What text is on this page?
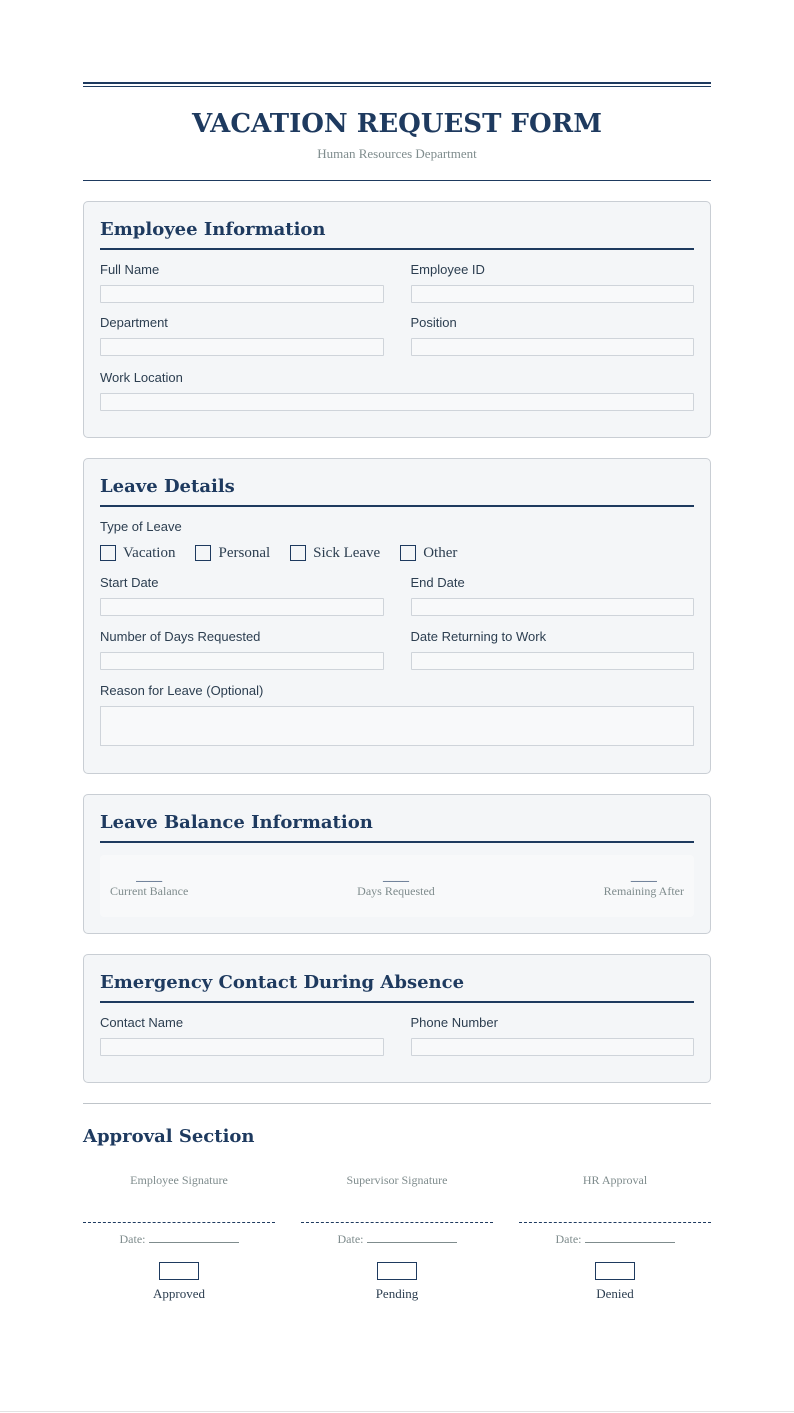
VACATION REQUEST FORM
Human Resources Department
Employee Information
Full Name	Employee ID
Department	Position
Work Location
Leave Details
Type of Leave
Vacation	Personal	Sick Leave	Other
Start Date	End Date
Number of Days Requested	Date Returning to Work
Reason for Leave (Optional)
Leave Balance Information
____
Current Balance
____
Days Requested
____
Remaining After
Emergency Contact During Absence
Contact Name	Phone Number
Approval Section
Employee Signature
Date:
Approved
Supervisor Signature
Date:
Pending
HR Approval
Date:
Denied
